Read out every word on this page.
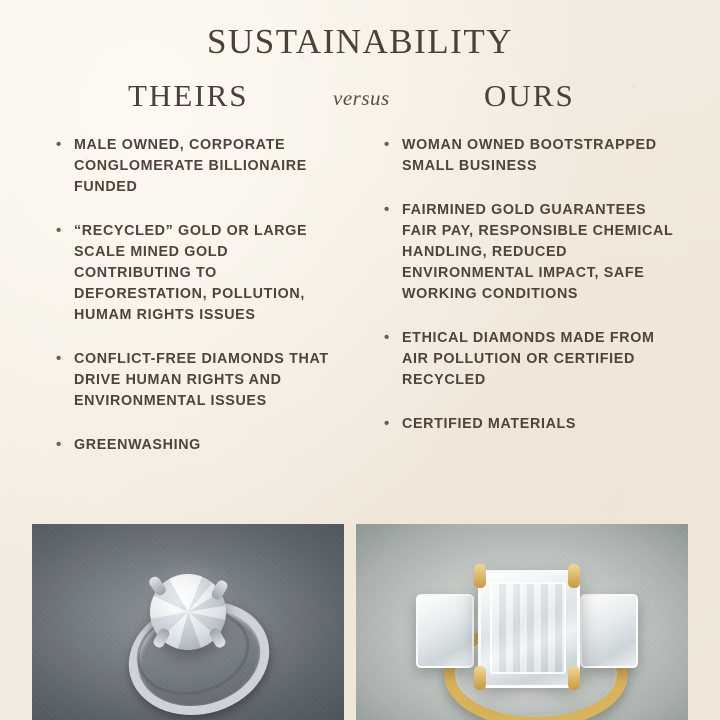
SUSTAINABILITY
THEIRS	versus	OURS
• MALE OWNED, CORPORATE CONGLOMERATE BILLIONAIRE FUNDED
• “RECYCLED” GOLD OR LARGE SCALE MINED GOLD CONTRIBUTING TO DEFORESTATION, POLLUTION, HUMAM RIGHTS ISSUES
• CONFLICT-FREE DIAMONDS THAT DRIVE HUMAN RIGHTS AND ENVIRONMENTAL ISSUES
• GREENWASHING
• WOMAN OWNED BOOTSTRAPPED SMALL BUSINESS
• FAIRMINED GOLD GUARANTEES FAIR PAY, RESPONSIBLE CHEMICAL HANDLING, REDUCED ENVIRONMENTAL IMPACT, SAFE WORKING CONDITIONS
• ETHICAL DIAMONDS MADE FROM AIR POLLUTION OR CERTIFIED RECYCLED
• CERTIFIED MATERIALS
